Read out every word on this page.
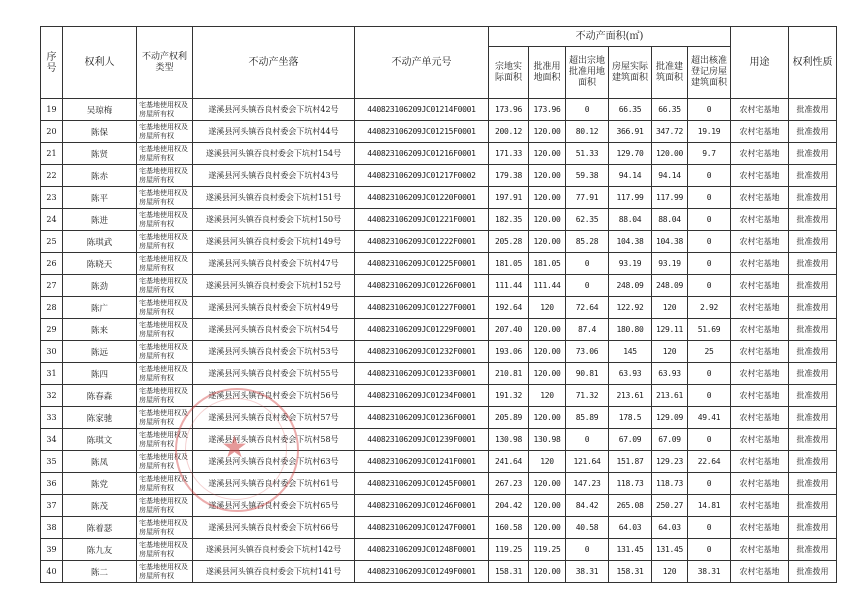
序号	权利人	不动产权利类型	不动产坐落	不动产单元号	不动产面积(㎡)						用途	权利性质
					宗地实际面积	批准用地面积	超出宗地批准用地面积	房屋实际建筑面积	批准建筑面积	超出核准登记房屋建筑面积		
19	吴琼梅	宅基地使用权及房屋所有权	遂溪县河头镇吞良村委会下坑村42号	440823106209JC01214F0001	173.96	173.96	0	66.35	66.35	0	农村宅基地	批准拨用
20	陈保	宅基地使用权及房屋所有权	遂溪县河头镇吞良村委会下坑村44号	440823106209JC01215F0001	200.12	120.00	80.12	366.91	347.72	19.19	农村宅基地	批准拨用
21	陈贤	宅基地使用权及房屋所有权	遂溪县河头镇吞良村委会下坑村154号	440823106209JC01216F0001	171.33	120.00	51.33	129.70	120.00	9.7	农村宅基地	批准拨用
22	陈赤	宅基地使用权及房屋所有权	遂溪县河头镇吞良村委会下坑村43号	440823106209JC01217F0002	179.38	120.00	59.38	94.14	94.14	0	农村宅基地	批准拨用
23	陈平	宅基地使用权及房屋所有权	遂溪县河头镇吞良村委会下坑村151号	440823106209JC01220F0001	197.91	120.00	77.91	117.99	117.99	0	农村宅基地	批准拨用
24	陈进	宅基地使用权及房屋所有权	遂溪县河头镇吞良村委会下坑村150号	440823106209JC01221F0001	182.35	120.00	62.35	88.04	88.04	0	农村宅基地	批准拨用
25	陈琪武	宅基地使用权及房屋所有权	遂溪县河头镇吞良村委会下坑村149号	440823106209JC01222F0001	205.28	120.00	85.28	104.38	104.38	0	农村宅基地	批准拨用
26	陈晓天	宅基地使用权及房屋所有权	遂溪县河头镇吞良村委会下坑村47号	440823106209JC01225F0001	181.05	181.05	0	93.19	93.19	0	农村宅基地	批准拨用
27	陈劲	宅基地使用权及房屋所有权	遂溪县河头镇吞良村委会下坑村152号	440823106209JC01226F0001	111.44	111.44	0	248.09	248.09	0	农村宅基地	批准拨用
28	陈广	宅基地使用权及房屋所有权	遂溪县河头镇吞良村委会下坑村49号	440823106209JC01227F0001	192.64	120	72.64	122.92	120	2.92	农村宅基地	批准拨用
29	陈来	宅基地使用权及房屋所有权	遂溪县河头镇吞良村委会下坑村54号	440823106209JC01229F0001	207.40	120.00	87.4	180.80	129.11	51.69	农村宅基地	批准拨用
30	陈远	宅基地使用权及房屋所有权	遂溪县河头镇吞良村委会下坑村53号	440823106209JC01232F0001	193.06	120.00	73.06	145	120	25	农村宅基地	批准拨用
31	陈四	宅基地使用权及房屋所有权	遂溪县河头镇吞良村委会下坑村55号	440823106209JC01233F0001	210.81	120.00	90.81	63.93	63.93	0	农村宅基地	批准拨用
32	陈春森	宅基地使用权及房屋所有权	遂溪县河头镇吞良村委会下坑村56号	440823106209JC01234F0001	191.32	120	71.32	213.61	213.61	0	农村宅基地	批准拨用
33	陈家驰	宅基地使用权及房屋所有权	遂溪县河头镇吞良村委会下坑村57号	440823106209JC01236F0001	205.89	120.00	85.89	178.5	129.09	49.41	农村宅基地	批准拨用
34	陈琪文	宅基地使用权及房屋所有权	遂溪县河头镇吞良村委会下坑村58号	440823106209JC01239F0001	130.98	130.98	0	67.09	67.09	0	农村宅基地	批准拨用
35	陈凤	宅基地使用权及房屋所有权	遂溪县河头镇吞良村委会下坑村63号	440823106209JC01241F0001	241.64	120	121.64	151.87	129.23	22.64	农村宅基地	批准拨用
36	陈党	宅基地使用权及房屋所有权	遂溪县河头镇吞良村委会下坑村61号	440823106209JC01245F0001	267.23	120.00	147.23	118.73	118.73	0	农村宅基地	批准拨用
37	陈茂	宅基地使用权及房屋所有权	遂溪县河头镇吞良村委会下坑村65号	440823106209JC01246F0001	204.42	120.00	84.42	265.08	250.27	14.81	农村宅基地	批准拨用
38	陈着瑟	宅基地使用权及房屋所有权	遂溪县河头镇吞良村委会下坑村66号	440823106209JC01247F0001	160.58	120.00	40.58	64.03	64.03	0	农村宅基地	批准拨用
39	陈九友	宅基地使用权及房屋所有权	遂溪县河头镇吞良村委会下坑村142号	440823106209JC01248F0001	119.25	119.25	0	131.45	131.45	0	农村宅基地	批准拨用
40	陈二	宅基地使用权及房屋所有权	遂溪县河头镇吞良村委会下坑村141号	440823106209JC01249F0001	158.31	120.00	38.31	158.31	120	38.31	农村宅基地	批准拨用
★
